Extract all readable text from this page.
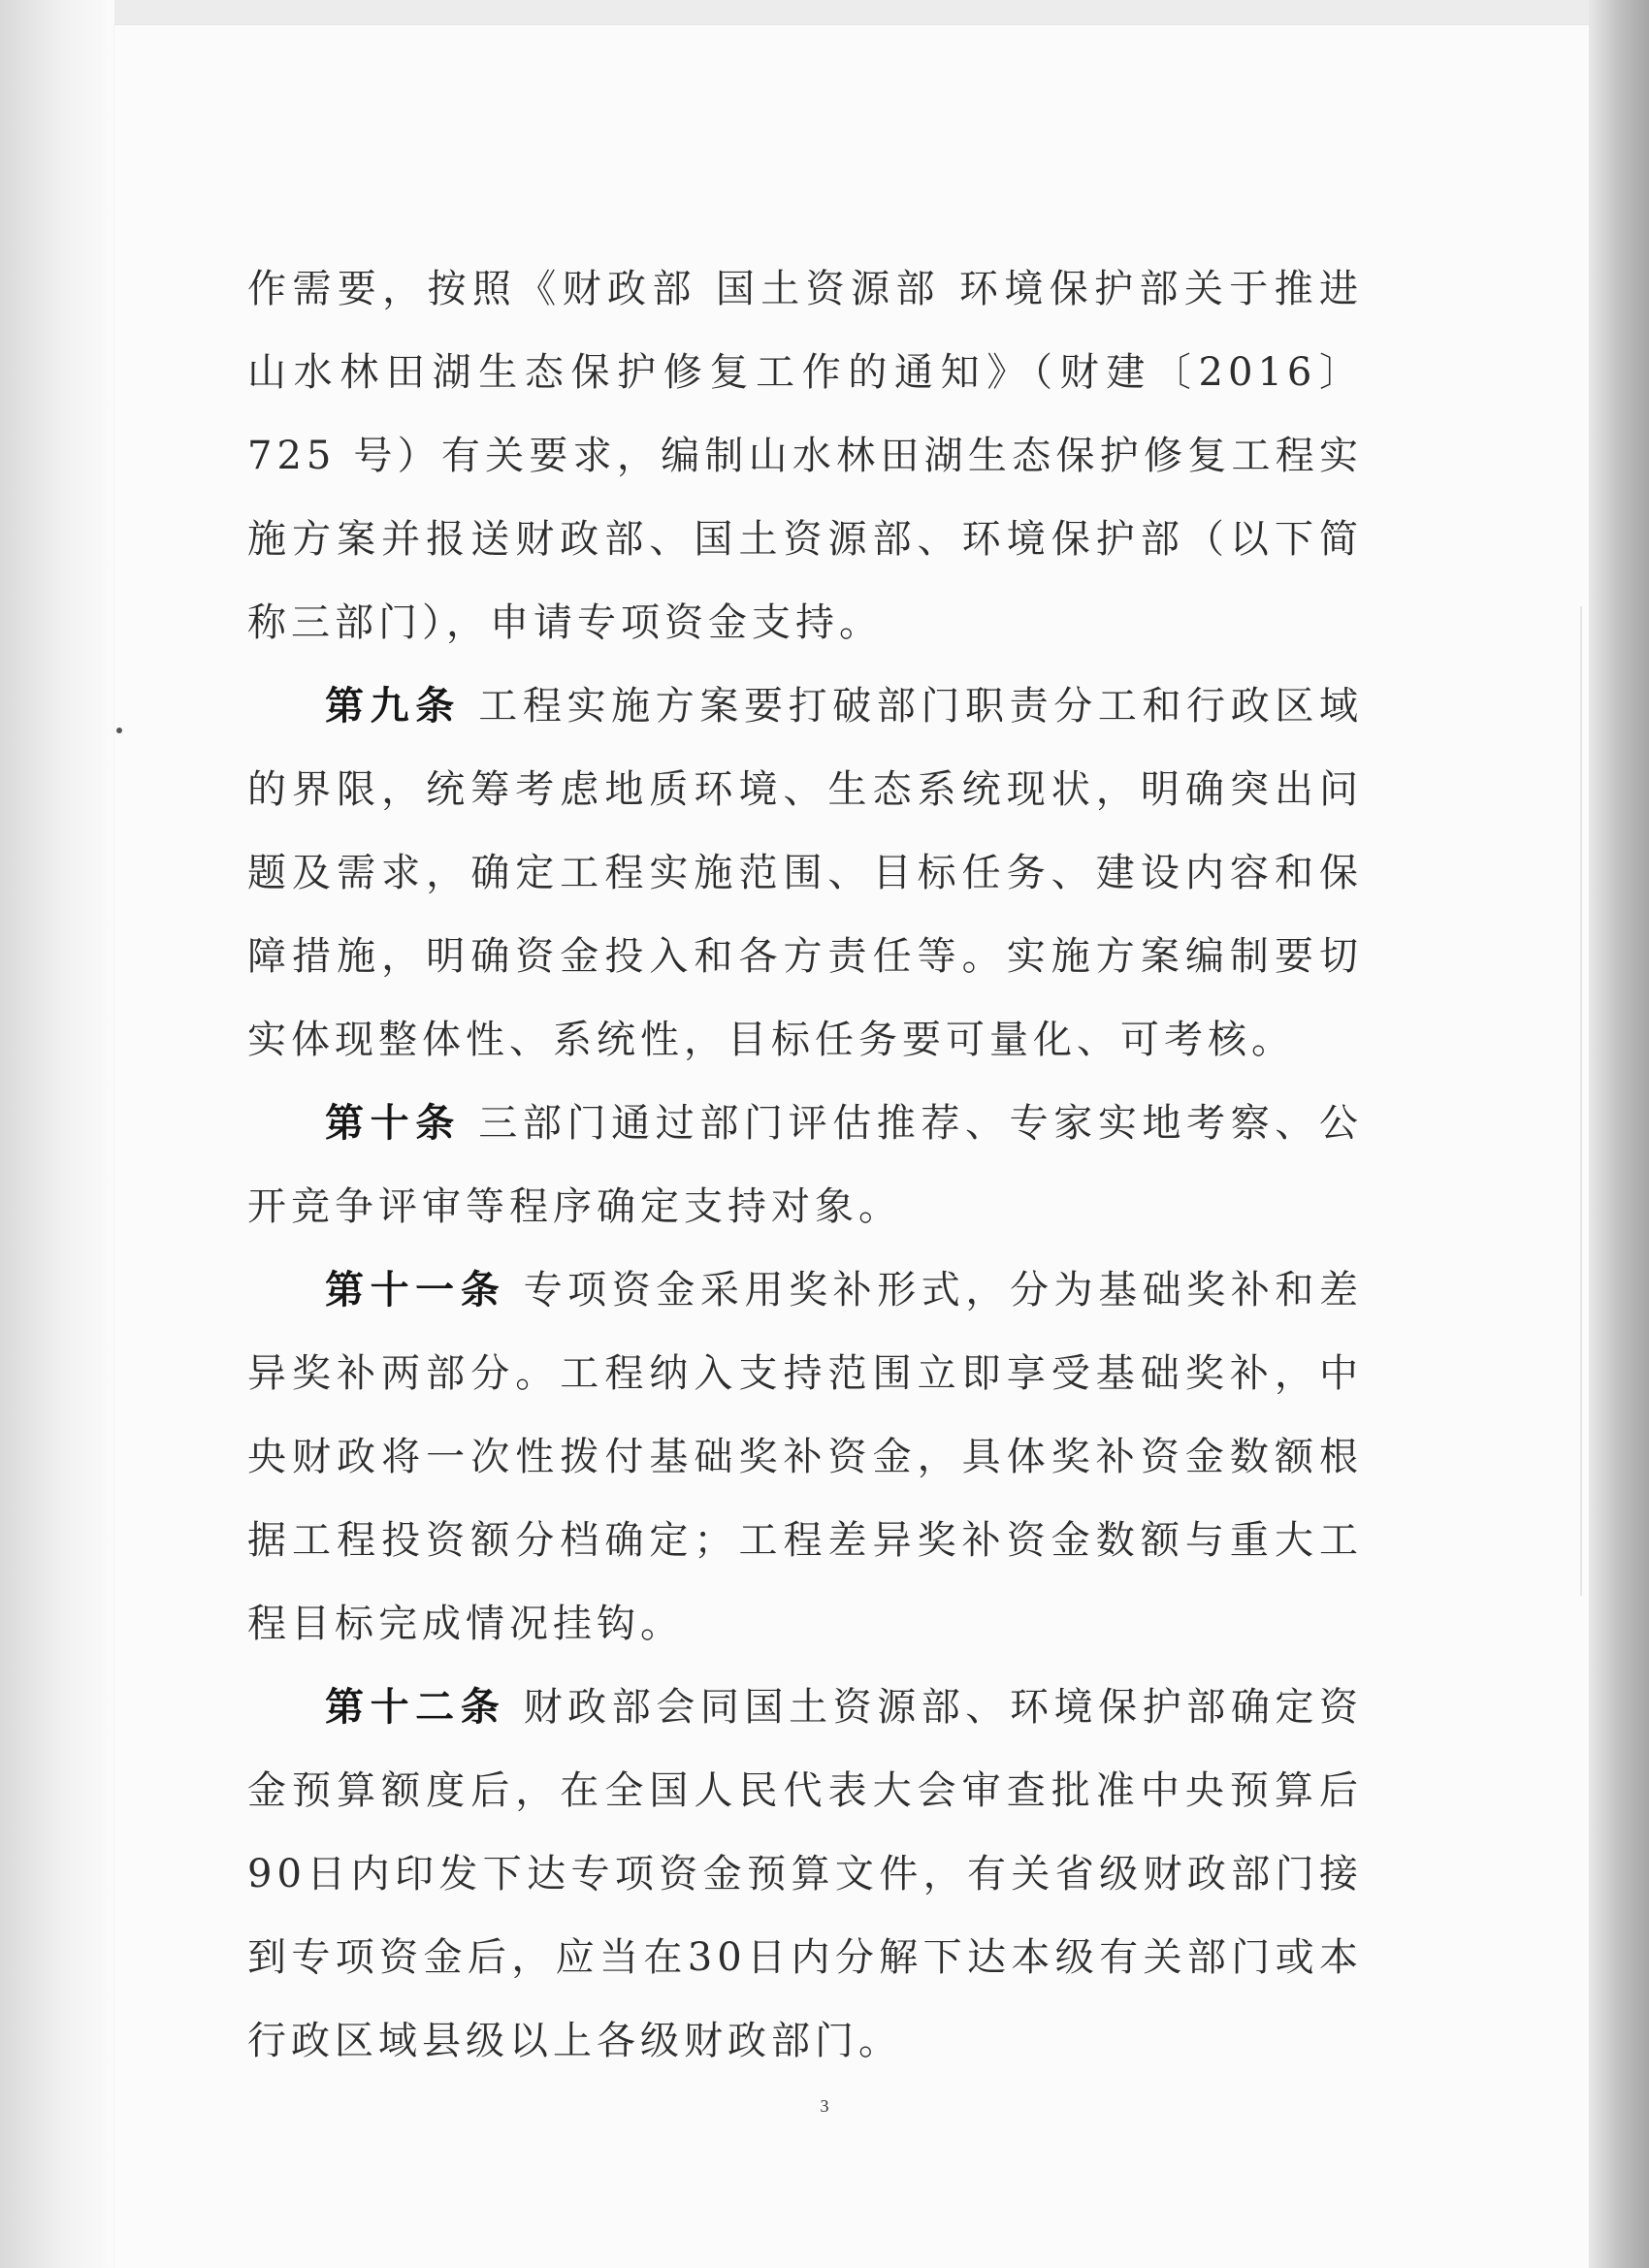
作需要，按照《财政部 国土资源部 环境保护部关于推进山水林田湖生态保护修复工作的通知》（财建〔2016〕725 号）有关要求，编制山水林田湖生态保护修复工程实施方案并报送财政部、国土资源部、环境保护部（以下简称三部门），申请专项资金支持。

第九条 工程实施方案要打破部门职责分工和行政区域的界限，统筹考虑地质环境、生态系统现状，明确突出问题及需求，确定工程实施范围、目标任务、建设内容和保障措施，明确资金投入和各方责任等。实施方案编制要切实体现整体性、系统性，目标任务要可量化、可考核。

第十条 三部门通过部门评估推荐、专家实地考察、公开竞争评审等程序确定支持对象。

第十一条 专项资金采用奖补形式，分为基础奖补和差异奖补两部分。工程纳入支持范围立即享受基础奖补，中央财政将一次性拨付基础奖补资金，具体奖补资金数额根据工程投资额分档确定；工程差异奖补资金数额与重大工程目标完成情况挂钩。

第十二条 财政部会同国土资源部、环境保护部确定资金预算额度后，在全国人民代表大会审查批准中央预算后90日内印发下达专项资金预算文件，有关省级财政部门接到专项资金后，应当在30日内分解下达本级有关部门或本行政区域县级以上各级财政部门。

3
